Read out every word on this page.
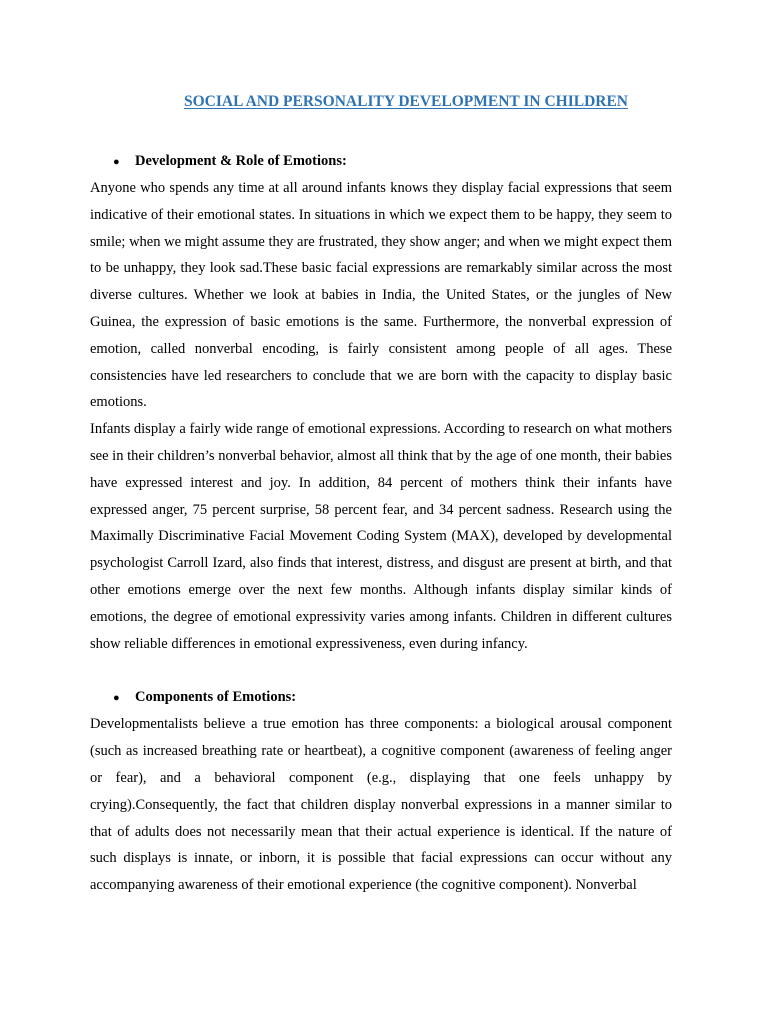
SOCIAL AND PERSONALITY DEVELOPMENT IN CHILDREN
●	Development & Role of Emotions:

Anyone who spends any time at all around infants knows they display facial expressions that seem indicative of their emotional states. In situations in which we expect them to be happy, they seem to smile; when we might assume they are frustrated, they show anger; and when we might expect them to be unhappy, they look sad.These basic facial expressions are remarkably similar across the most diverse cultures. Whether we look at babies in India, the United States, or the jungles of New Guinea, the expression of basic emotions is the same. Furthermore, the nonverbal expression of emotion, called nonverbal encoding, is fairly consistent among people of all ages. These consistencies have led researchers to conclude that we are born with the capacity to display basic emotions.

Infants display a fairly wide range of emotional expressions. According to research on what mothers see in their children’s nonverbal behavior, almost all think that by the age of one month, their babies have expressed interest and joy. In addition, 84 percent of mothers think their infants have expressed anger, 75 percent surprise, 58 percent fear, and 34 percent sadness. Research using the Maximally Discriminative Facial Movement Coding System (MAX), developed by developmental psychologist Carroll Izard, also finds that interest, distress, and disgust are present at birth, and that other emotions emerge over the next few months. Although infants display similar kinds of emotions, the degree of emotional expressivity varies among infants. Children in different cultures show reliable differences in emotional expressiveness, even during infancy.

●	Components of Emotions:

Developmentalists believe a true emotion has three components: a biological arousal component (such as increased breathing rate or heartbeat), a cognitive component (awareness of feeling anger or fear), and a behavioral component (e.g., displaying that one feels unhappy by crying).Consequently, the fact that children display nonverbal expressions in a manner similar to that of adults does not necessarily mean that their actual experience is identical. If the nature of such displays is innate, or inborn, it is possible that facial expressions can occur without any accompanying awareness of their emotional experience (the cognitive component). Nonverbal
